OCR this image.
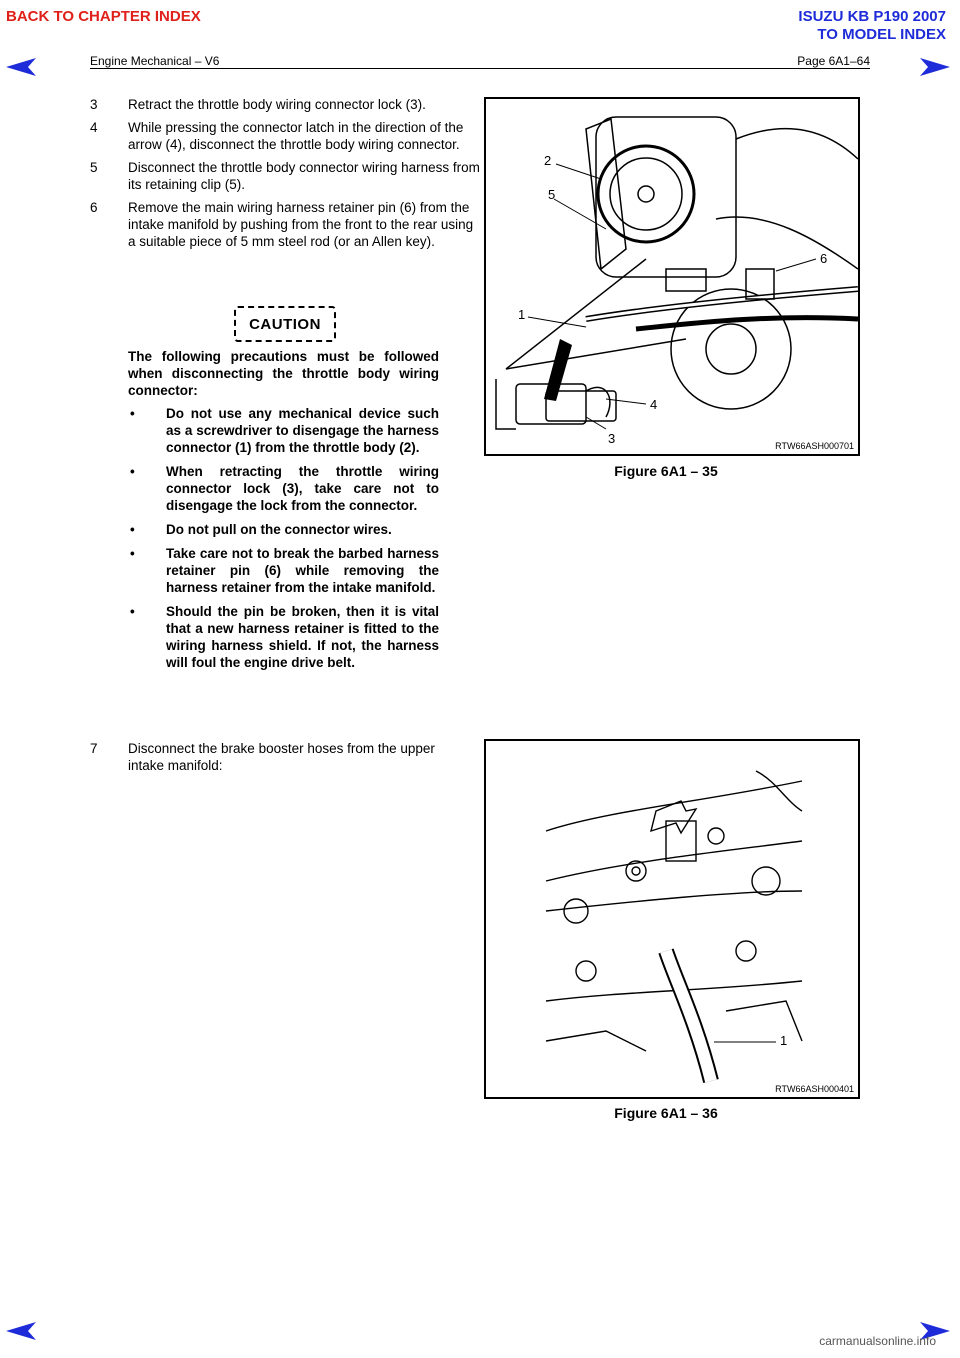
BACK TO CHAPTER INDEX	ISUZU KB P190 2007
TO MODEL INDEX
Engine Mechanical – V6	Page 6A1–64
3	Retract the throttle body wiring connector lock (3).
4	While pressing the connector latch in the direction of the arrow (4), disconnect the throttle body wiring connector.
5	Disconnect the throttle body connector wiring harness from its retaining clip (5).
6	Remove the main wiring harness retainer pin (6) from the intake manifold by pushing from the front to the rear using a suitable piece of 5 mm steel rod (or an Allen key).
CAUTION

The following precautions must be followed when disconnecting the throttle body wiring connector:

•	Do not use any mechanical device such as a screwdriver to disengage the harness connector (1) from the throttle body (2).
•	When retracting the throttle wiring connector lock (3), take care not to disengage the lock from the connector.
•	Do not pull on the connector wires.
•	Take care not to break the barbed harness retainer pin (6) while removing the harness retainer from the intake manifold.
•	Should the pin be broken, then it is vital that a new harness retainer is fitted to the wiring harness shield. If not, the harness will foul the engine drive belt.
7	Disconnect the brake booster hoses from the upper intake manifold:
2
5
6
1
4
3	RTW66ASH000701
Figure 6A1 – 35
1
RTW66ASH000401
Figure 6A1 – 36
carmanualsonline.info
